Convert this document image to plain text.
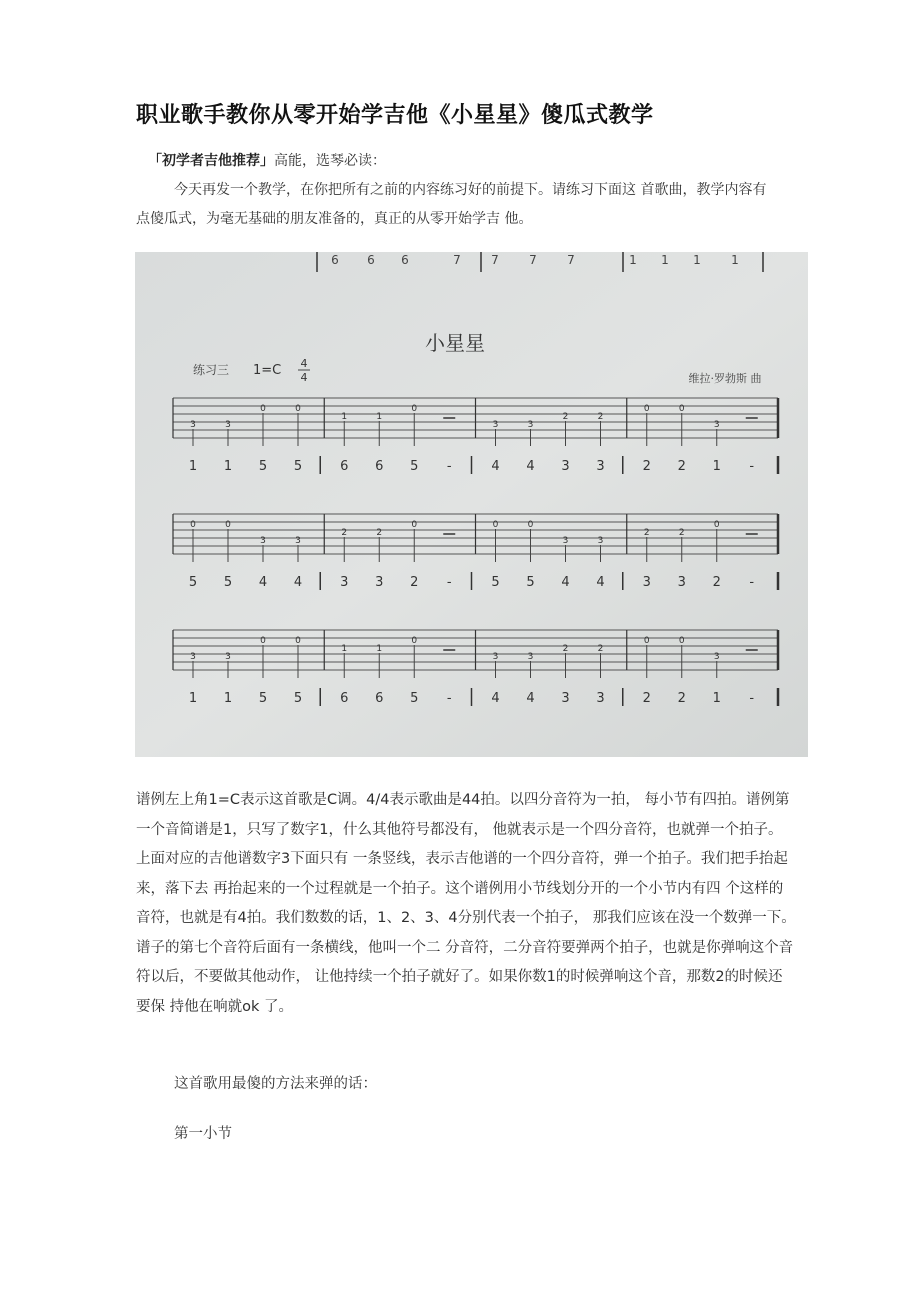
职业歌手教你从零开始学吉他《小星星》傻瓜式教学
「初学者吉他推荐」高能，选琴必读：

今天再发一个教学，在你把所有之前的内容练习好的前提下。请练习下面这 首歌曲，教学内容有点傻瓜式，为毫无基础的朋友准备的，真正的从零开始学吉 他。

6 6 6	7	7	7	7	1 1 1	1
小星星
练习三 1=C 4
4	维拉·罗勃斯 曲
3	3
0	0
1	1
0
3	3
2	2
0	0
3
1 1 5 5	6 6 5 -	4 4 3 3	2 2 1 -
0	0
3	3
2	2
0	0	0
3	3
2	2
0
5 5 4 4	3 3 2 -	5 5 4 4	3 3 2 -
3	3
0	0
1	1
0
3	3
2	2
0	0
3
1 1 5 5	6 6 5 -	4 4 3 3	2 2 1 -

谱例左上角1=C表示这首歌是C调。4/4表示歌曲是44拍。以四分音符为一拍， 每小节有四拍。谱例第一个音简谱是1，只写了数字1，什么其他符号都没有， 他就表示是一个四分音符，也就弹一个拍子。上面对应的吉他谱数字3下面只有 一条竖线，表示吉他谱的一个四分音符，弹一个拍子。我们把手抬起来，落下去 再抬起来的一个过程就是一个拍子。这个谱例用小节线划分开的一个小节内有四 个这样的音符，也就是有4拍。我们数数的话，1、2、3、4分别代表一个拍子， 那我们应该在没一个数弹一下。谱子的第七个音符后面有一条横线，他叫一个二 分音符，二分音符要弹两个拍子，也就是你弹响这个音符以后，不要做其他动作， 让他持续一个拍子就好了。如果你数1的时候弹响这个音，那数2的时候还要保 持他在响就ok 了。

这首歌用最傻的方法来弹的话：

第一小节
